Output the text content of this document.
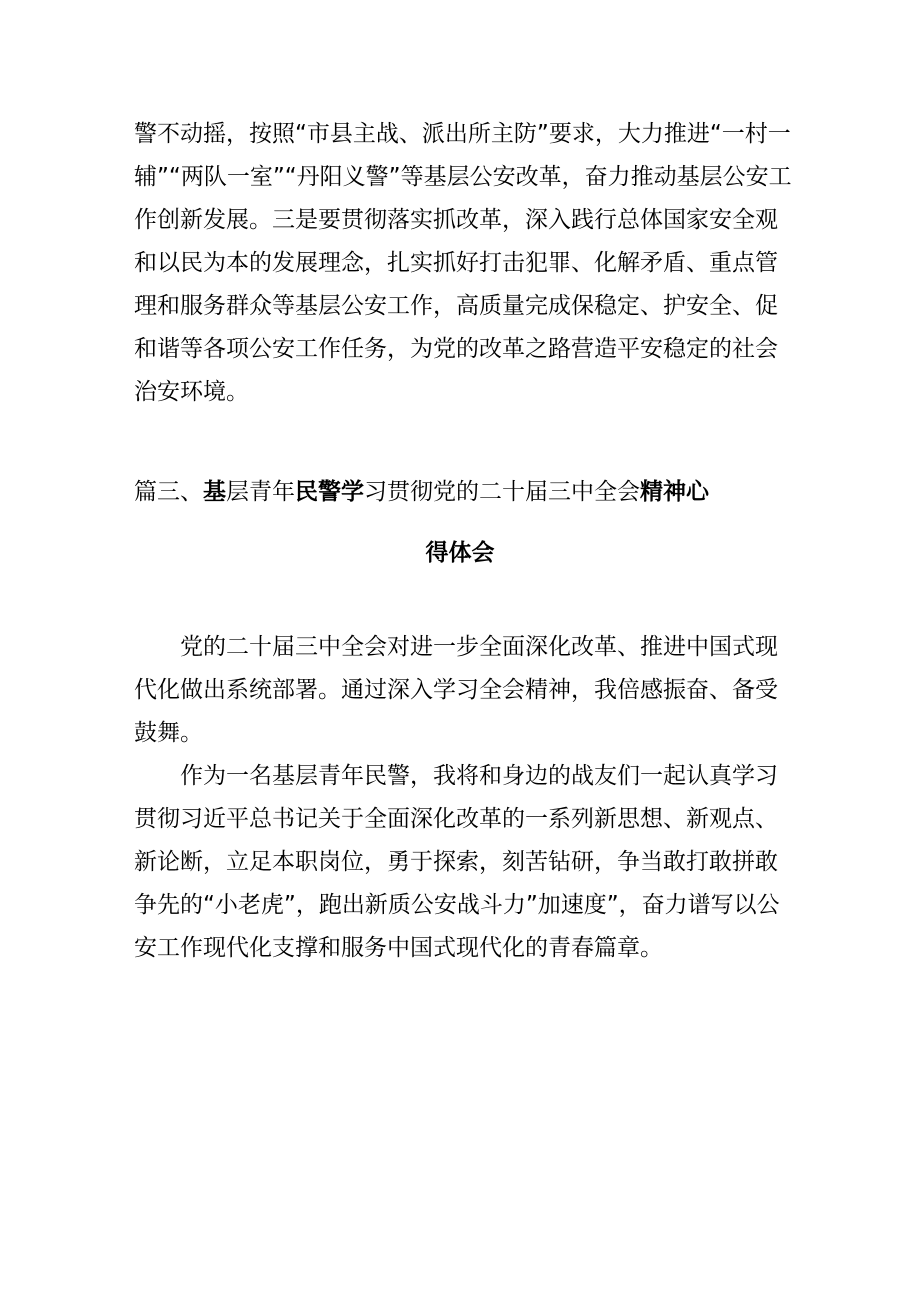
警不动摇，按照“市县主战、派出所主防”要求，大力推进“一村一辅”“两队一室”“丹阳义警”等基层公安改革，奋力推动基层公安工作创新发展。三是要贯彻落实抓改革，深入践行总体国家安全观和以民为本的发展理念，扎实抓好打击犯罪、化解矛盾、重点管理和服务群众等基层公安工作，高质量完成保稳定、护安全、促和谐等各项公安工作任务，为党的改革之路营造平安稳定的社会治安环境。

篇三、基层青年民警学习贯彻党的二十届三中全会精神心

得体会

党的二十届三中全会对进一步全面深化改革、推进中国式现代化做出系统部署。通过深入学习全会精神，我倍感振奋、备受鼓舞。

作为一名基层青年民警，我将和身边的战友们一起认真学习贯彻习近平总书记关于全面深化改革的一系列新思想、新观点、新论断，立足本职岗位，勇于探索，刻苦钻研，争当敢打敢拼敢争先的“小老虎”，跑出新质公安战斗力”加速度”，奋力谱写以公安工作现代化支撑和服务中国式现代化的青春篇章。
